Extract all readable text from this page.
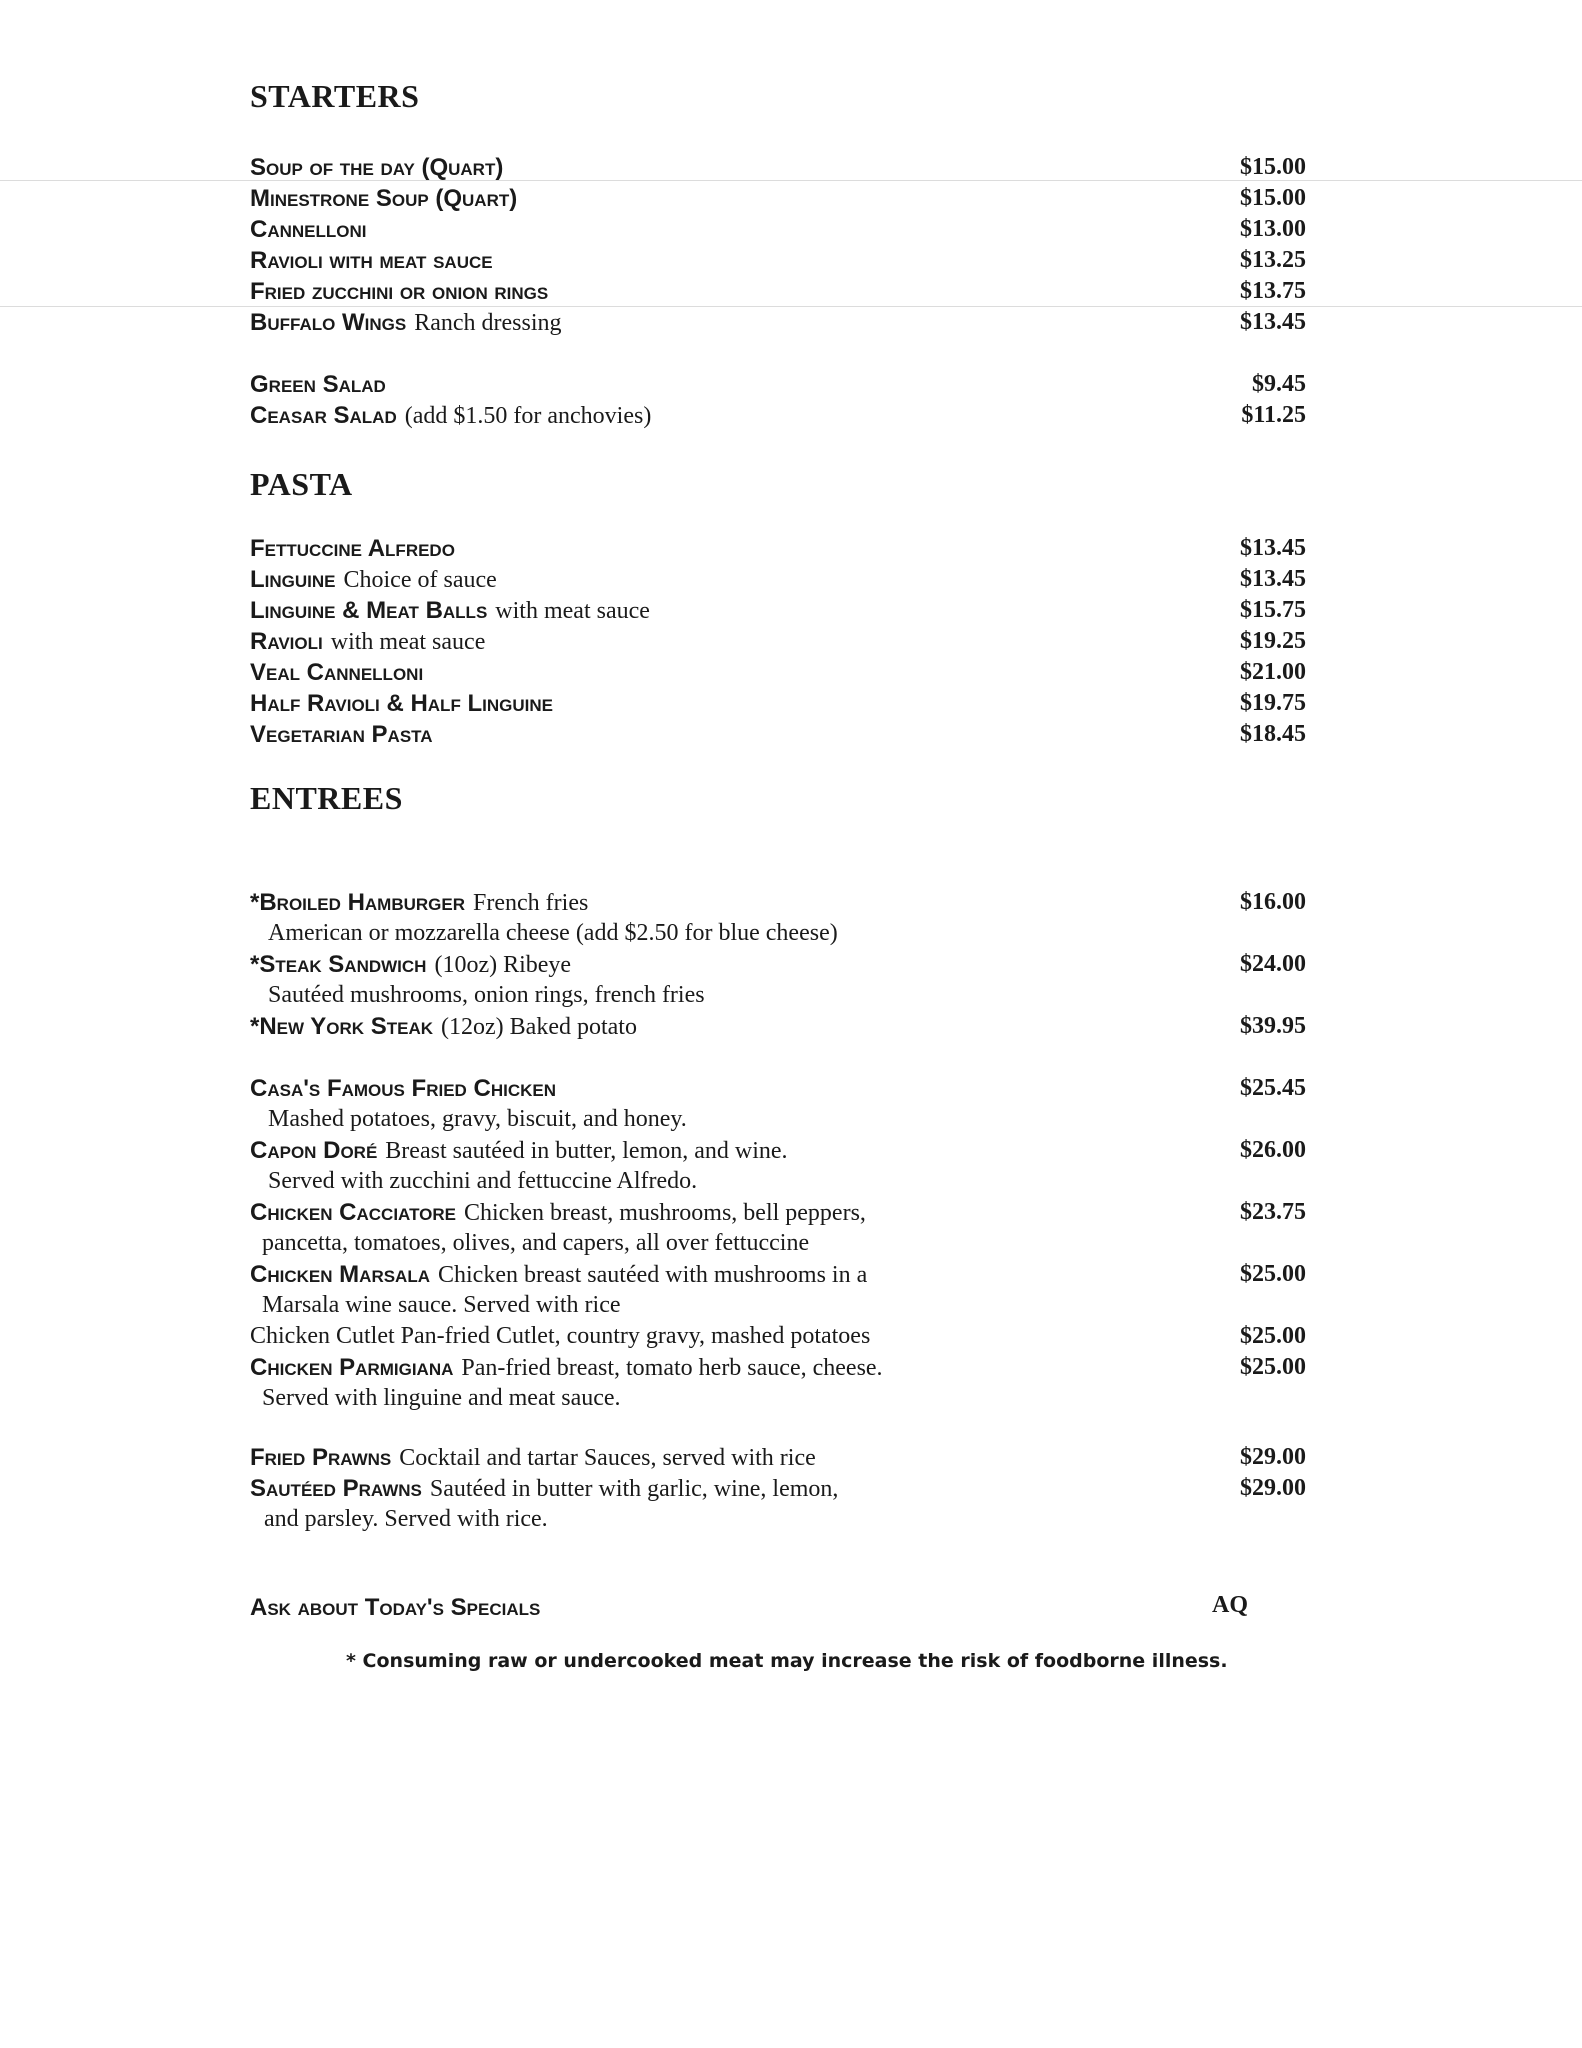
STARTERS
Soup of the day (Quart)	$15.00
Minestrone Soup (Quart)	$15.00
Cannelloni	$13.00
Ravioli with meat sauce	$13.25
Fried zucchini or onion rings	$13.75
Buffalo Wings Ranch dressing	$13.45
Green Salad	$9.45
Ceasar Salad (add $1.50 for anchovies)	$11.25
PASTA
Fettuccine Alfredo	$13.45
Linguine Choice of sauce	$13.45
Linguine & Meat Balls with meat sauce	$15.75
Ravioli with meat sauce	$19.25
Veal Cannelloni	$21.00
Half Ravioli & Half Linguine	$19.75
Vegetarian Pasta	$18.45
ENTREES
*Broiled Hamburger French fries	$16.00
American or mozzarella cheese (add $2.50 for blue cheese)
*Steak Sandwich (10oz) Ribeye	$24.00
Sautéed mushrooms, onion rings, french fries
*New York Steak (12oz) Baked potato	$39.95
Casa's Famous Fried Chicken	$25.45
Mashed potatoes, gravy, biscuit, and honey.
Capon Doré Breast sautéed in butter, lemon, and wine.	$26.00
Served with zucchini and fettuccine Alfredo.
Chicken Cacciatore Chicken breast, mushrooms, bell peppers,	$23.75
pancetta, tomatoes, olives, and capers, all over fettuccine
Chicken Marsala Chicken breast sautéed with mushrooms in a	$25.00
Marsala wine sauce. Served with rice
Chicken Cutlet Pan-fried Cutlet, country gravy, mashed potatoes	$25.00
Chicken Parmigiana Pan-fried breast, tomato herb sauce, cheese.	$25.00
Served with linguine and meat sauce.
Fried Prawns Cocktail and tartar Sauces, served with rice	$29.00
Sautéed Prawns Sautéed in butter with garlic, wine, lemon,	$29.00
and parsley. Served with rice.
Ask about Today's Specials	AQ
* Consuming raw or undercooked meat may increase the risk of foodborne illness.
